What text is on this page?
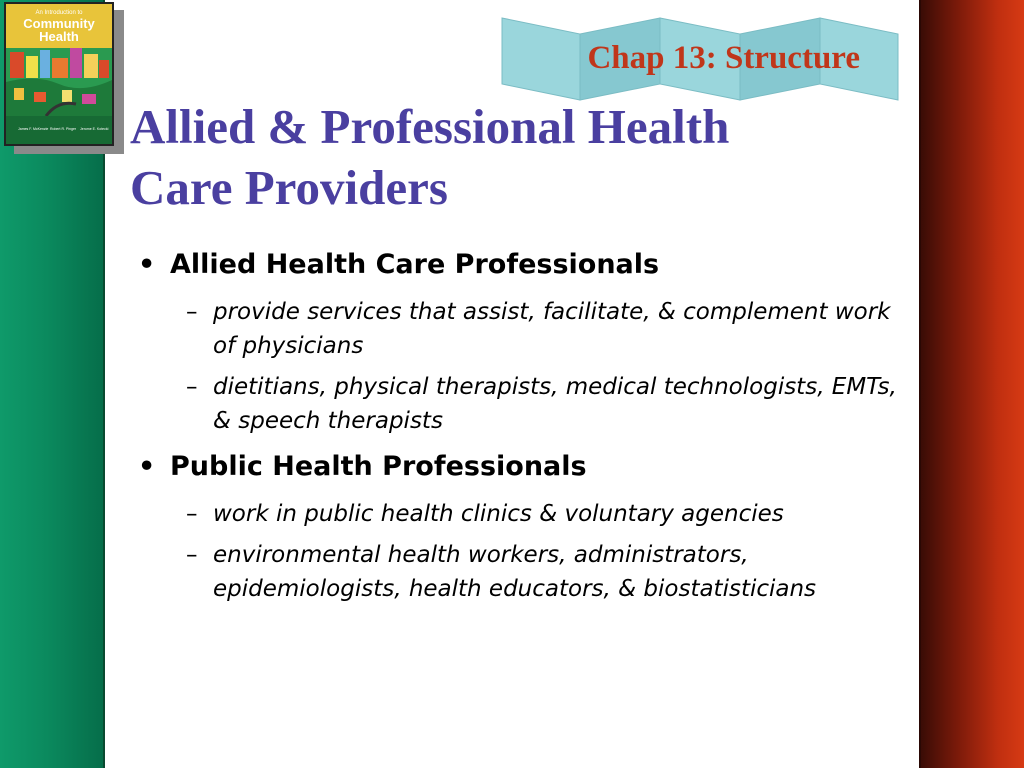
An Introduction to
Community
Health
James F. McKenzie Robert R. Pinger Jerome E. Kotecki
Chap 13: Structure
Allied & Professional Health
Care Providers
• Allied Health Care Professionals
– provide services that assist, facilitate, & complement work of physicians
– dietitians, physical therapists, medical technologists, EMTs, & speech therapists
• Public Health Professionals
– work in public health clinics & voluntary agencies
– environmental health workers, administrators, epidemiologists, health educators, & biostatisticians
